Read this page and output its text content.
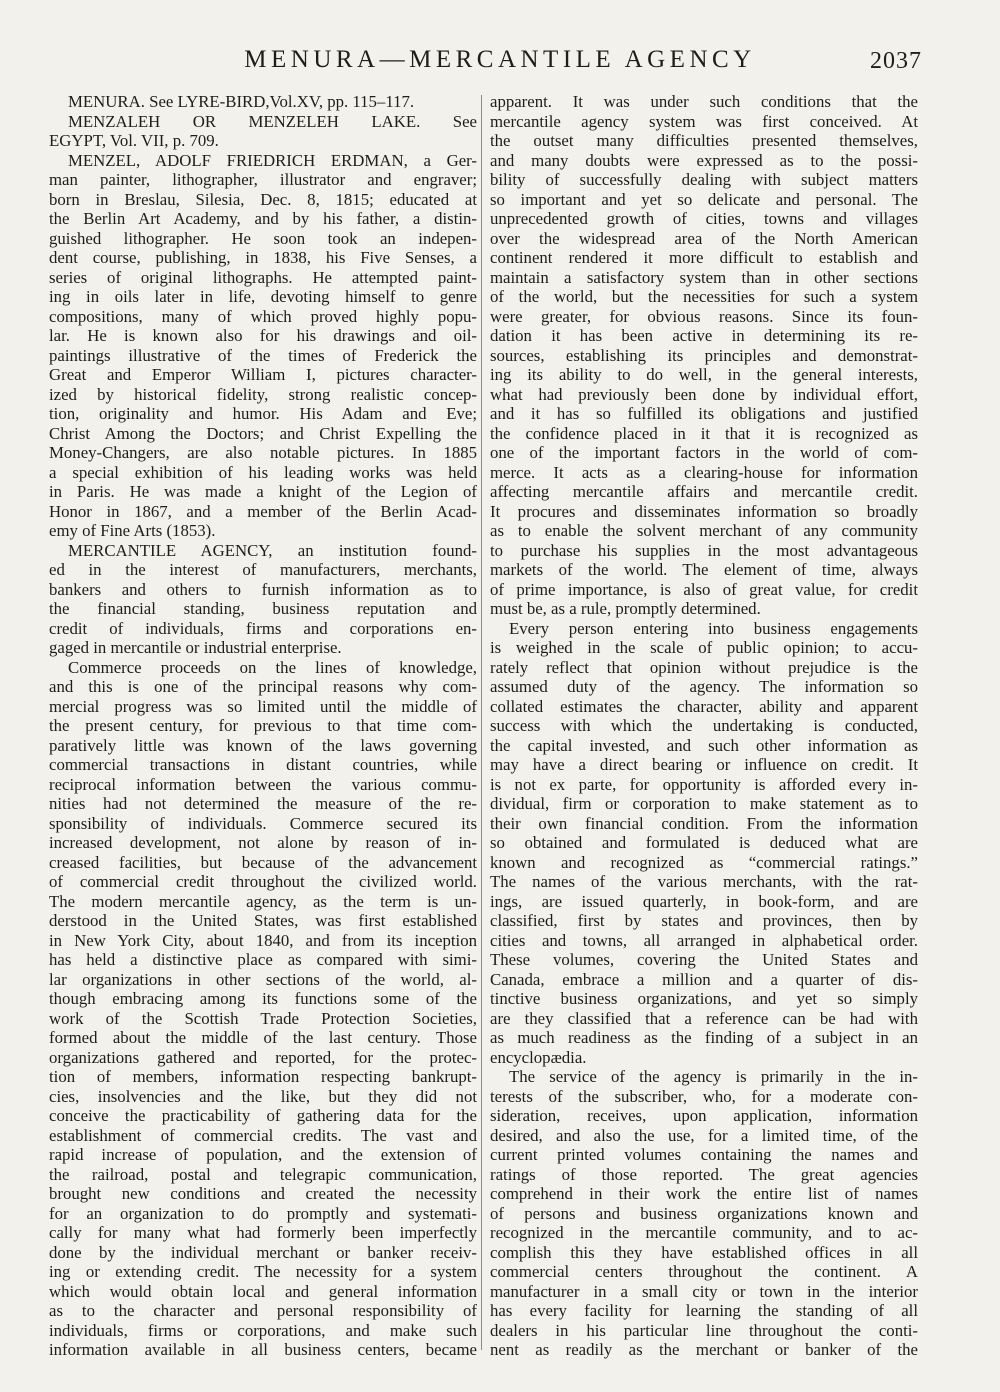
MENURA—MERCANTILE AGENCY	2037
MENURA. See LYRE-BIRD,Vol.XV, pp. 115–117.
MENZALEH OR MENZELEH LAKE. See
EGYPT, Vol. VII, p. 709.
MENZEL, ADOLF FRIEDRICH ERDMAN, a Ger-
man painter, lithographer, illustrator and engraver;
born in Breslau, Silesia, Dec. 8, 1815; educated at
the Berlin Art Academy, and by his father, a distin-
guished lithographer. He soon took an indepen-
dent course, publishing, in 1838, his Five Senses, a
series of original lithographs. He attempted paint-
ing in oils later in life, devoting himself to genre
compositions, many of which proved highly popu-
lar. He is known also for his drawings and oil-
paintings illustrative of the times of Frederick the
Great and Emperor William I, pictures character-
ized by historical fidelity, strong realistic concep-
tion, originality and humor. His Adam and Eve;
Christ Among the Doctors; and Christ Expelling the
Money-Changers, are also notable pictures. In 1885
a special exhibition of his leading works was held
in Paris. He was made a knight of the Legion of
Honor in 1867, and a member of the Berlin Acad-
emy of Fine Arts (1853).
MERCANTILE AGENCY, an institution found-
ed in the interest of manufacturers, merchants,
bankers and others to furnish information as to
the financial standing, business reputation and
credit of individuals, firms and corporations en-
gaged in mercantile or industrial enterprise.
Commerce proceeds on the lines of knowledge,
and this is one of the principal reasons why com-
mercial progress was so limited until the middle of
the present century, for previous to that time com-
paratively little was known of the laws governing
commercial transactions in distant countries, while
reciprocal information between the various commu-
nities had not determined the measure of the re-
sponsibility of individuals. Commerce secured its
increased development, not alone by reason of in-
creased facilities, but because of the advancement
of commercial credit throughout the civilized world.
The modern mercantile agency, as the term is un-
derstood in the United States, was first established
in New York City, about 1840, and from its inception
has held a distinctive place as compared with simi-
lar organizations in other sections of the world, al-
though embracing among its functions some of the
work of the Scottish Trade Protection Societies,
formed about the middle of the last century. Those
organizations gathered and reported, for the protec-
tion of members, information respecting bankrupt-
cies, insolvencies and the like, but they did not
conceive the practicability of gathering data for the
establishment of commercial credits. The vast and
rapid increase of population, and the extension of
the railroad, postal and telegrapic communication,
brought new conditions and created the necessity
for an organization to do promptly and systemati-
cally for many what had formerly been imperfectly
done by the individual merchant or banker receiv-
ing or extending credit. The necessity for a system
which would obtain local and general information
as to the character and personal responsibility of
individuals, firms or corporations, and make such
information available in all business centers, became
apparent. It was under such conditions that the
mercantile agency system was first conceived. At
the outset many difficulties presented themselves,
and many doubts were expressed as to the possi-
bility of successfully dealing with subject matters
so important and yet so delicate and personal. The
unprecedented growth of cities, towns and villages
over the widespread area of the North American
continent rendered it more difficult to establish and
maintain a satisfactory system than in other sections
of the world, but the necessities for such a system
were greater, for obvious reasons. Since its foun-
dation it has been active in determining its re-
sources, establishing its principles and demonstrat-
ing its ability to do well, in the general interests,
what had previously been done by individual effort,
and it has so fulfilled its obligations and justified
the confidence placed in it that it is recognized as
one of the important factors in the world of com-
merce. It acts as a clearing-house for information
affecting mercantile affairs and mercantile credit.
It procures and disseminates information so broadly
as to enable the solvent merchant of any community
to purchase his supplies in the most advantageous
markets of the world. The element of time, always
of prime importance, is also of great value, for credit
must be, as a rule, promptly determined.
Every person entering into business engagements
is weighed in the scale of public opinion; to accu-
rately reflect that opinion without prejudice is the
assumed duty of the agency. The information so
collated estimates the character, ability and apparent
success with which the undertaking is conducted,
the capital invested, and such other information as
may have a direct bearing or influence on credit. It
is not ex parte, for opportunity is afforded every in-
dividual, firm or corporation to make statement as to
their own financial condition. From the information
so obtained and formulated is deduced what are
known and recognized as “commercial ratings.”
The names of the various merchants, with the rat-
ings, are issued quarterly, in book-form, and are
classified, first by states and provinces, then by
cities and towns, all arranged in alphabetical order.
These volumes, covering the United States and
Canada, embrace a million and a quarter of dis-
tinctive business organizations, and yet so simply
are they classified that a reference can be had with
as much readiness as the finding of a subject in an
encyclopædia.
The service of the agency is primarily in the in-
terests of the subscriber, who, for a moderate con-
sideration, receives, upon application, information
desired, and also the use, for a limited time, of the
current printed volumes containing the names and
ratings of those reported. The great agencies
comprehend in their work the entire list of names
of persons and business organizations known and
recognized in the mercantile community, and to ac-
complish this they have established offices in all
commercial centers throughout the continent. A
manufacturer in a small city or town in the interior
has every facility for learning the standing of all
dealers in his particular line throughout the conti-
nent as readily as the merchant or banker of the
